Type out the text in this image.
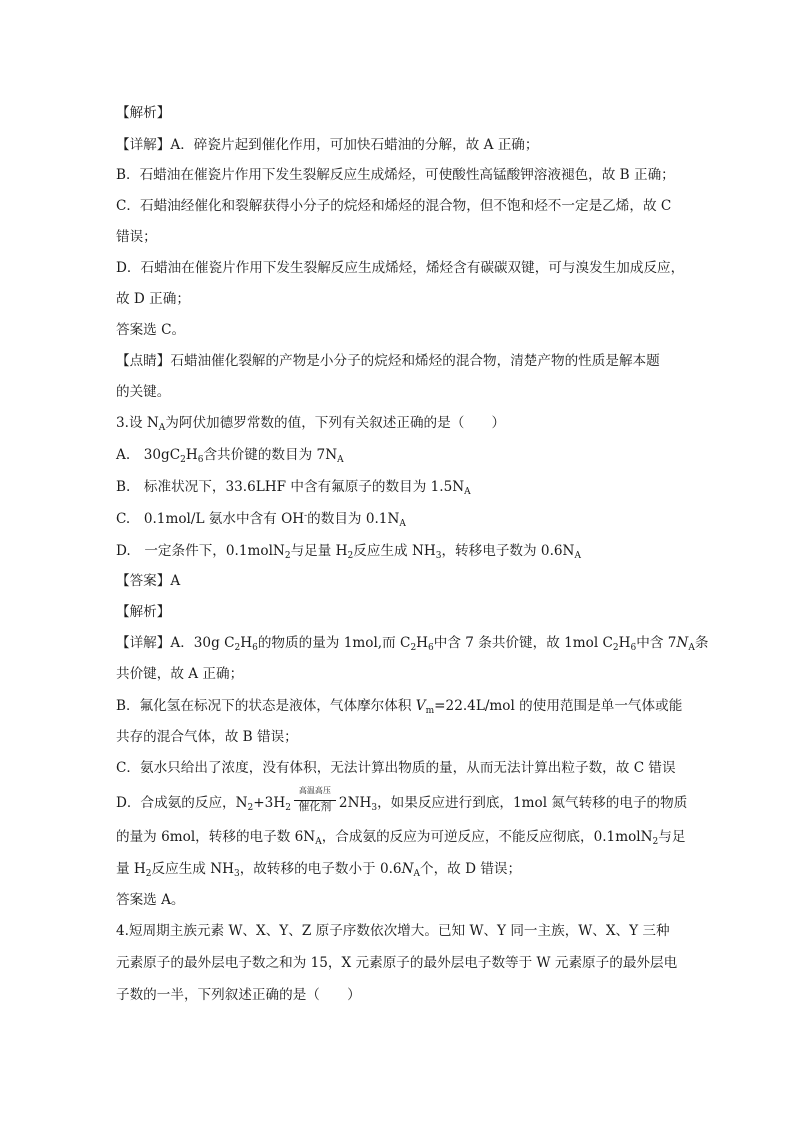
【解析】
【详解】A．碎瓷片起到催化作用，可加快石蜡油的分解，故 A 正确；
B．石蜡油在催瓷片作用下发生裂解反应生成烯烃，可使酸性高锰酸钾溶液褪色，故 B 正确；
C．石蜡油经催化和裂解获得小分子的烷烃和烯烃的混合物，但不饱和烃不一定是乙烯，故 C
错误；
D．石蜡油在催瓷片作用下发生裂解反应生成烯烃，烯烃含有碳碳双键，可与溴发生加成反应，
故 D 正确；
答案选 C。
【点睛】石蜡油催化裂解的产物是小分子的烷烃和烯烃的混合物，清楚产物的性质是解本题
的关键。
3.设 $N_A$为阿伏加德罗常数的值，下列有关叙述正确的是（　　）
A.　$30gC_2H_6$含共价键的数目为 $7N_A$
B.　标准状况下，33.6LHF 中含有氟原子的数目为 $1.5N_A$
C.　0.1mol/L 氨水中含有 OH-的数目为 $0.1N_A$
D.　一定条件下，0.1molN$_2$与足量 $H_2$反应生成 $NH_3$，转移电子数为 $0.6N_A$
【答案】A
【解析】
【详解】A．30g $C_2H_6$的物质的量为 1mol,而 $C_2H_6$中含 7 条共价键，故 1mol $C_2H_6$中含 $7N_A$条
共价键，故 A 正确；
B．氟化氢在标况下的状态是液体，气体摩尔体积 $V_m=22.4L$/mol 的使用范围是单一气体或能
共存的混合气体，故 B 错误；
C．氨水只给出了浓度，没有体积，无法计算出物质的量，从而无法计算出粒子数，故 C 错误
D．合成氨的反应，$N_2+3H_2$
高温高压
催化剂 $2NH_3$，如果反应进行到底，1mol 氮气转移的电子的物质
的量为 6mol，转移的电子数 $6N_A$，合成氨的反应为可逆反应，不能反应彻底，0.1molN$_2$与足
量 $H_2$反应生成 $NH_3$，故转移的电子数小于 $0.6N_A$个，故 D 错误；
答案选 A。
4.短周期主族元素 W、X、Y、Z 原子序数依次增大。已知 W、Y 同一主族，W、X、Y 三种
元素原子的最外层电子数之和为 15，X 元素原子的最外层电子数等于 W 元素原子的最外层电
子数的一半，下列叙述正确的是（　　）
